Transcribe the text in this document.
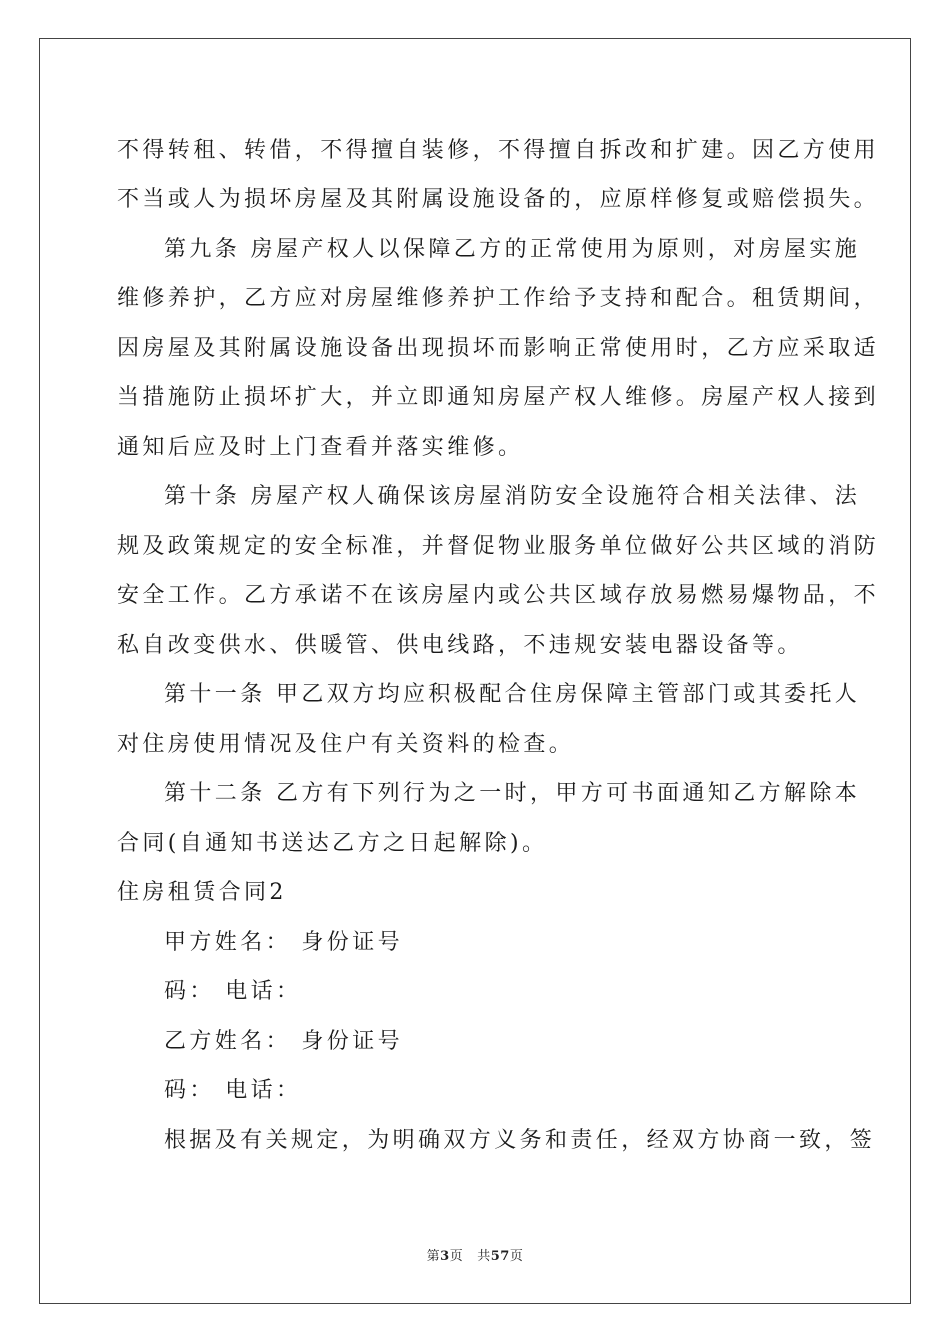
不得转租、转借，不得擅自装修，不得擅自拆改和扩建。因乙方使用
不当或人为损坏房屋及其附属设施设备的，应原样修复或赔偿损失。
第九条 房屋产权人以保障乙方的正常使用为原则，对房屋实施
维修养护，乙方应对房屋维修养护工作给予支持和配合。租赁期间，
因房屋及其附属设施设备出现损坏而影响正常使用时，乙方应采取适
当措施防止损坏扩大，并立即通知房屋产权人维修。房屋产权人接到
通知后应及时上门查看并落实维修。
第十条 房屋产权人确保该房屋消防安全设施符合相关法律、法
规及政策规定的安全标准，并督促物业服务单位做好公共区域的消防
安全工作。乙方承诺不在该房屋内或公共区域存放易燃易爆物品，不
私自改变供水、供暖管、供电线路，不违规安装电器设备等。
第十一条 甲乙双方均应积极配合住房保障主管部门或其委托人
对住房使用情况及住户有关资料的检查。
第十二条 乙方有下列行为之一时，甲方可书面通知乙方解除本
合同(自通知书送达乙方之日起解除)。
住房租赁合同2
甲方姓名： 身份证号
码： 电话：
乙方姓名： 身份证号
码： 电话：
根据及有关规定，为明确双方义务和责任，经双方协商一致，签
第3页 共57页
